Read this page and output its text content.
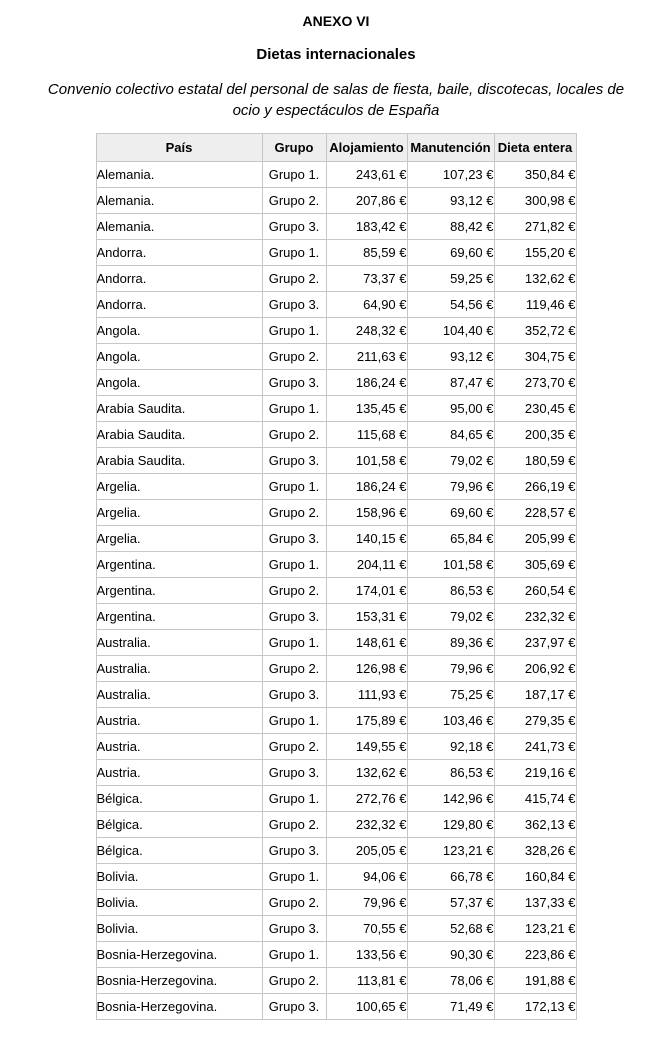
ANEXO VI
Dietas internacionales

Convenio colectivo estatal del personal de salas de fiesta, baile, discotecas, locales de ocio y espectáculos de España

País	Grupo	Alojamiento	Manutención	Dieta entera
Alemania.	Grupo 1.	243,61 €	107,23 €	350,84 €
Alemania.	Grupo 2.	207,86 €	93,12 €	300,98 €
Alemania.	Grupo 3.	183,42 €	88,42 €	271,82 €
Andorra.	Grupo 1.	85,59 €	69,60 €	155,20 €
Andorra.	Grupo 2.	73,37 €	59,25 €	132,62 €
Andorra.	Grupo 3.	64,90 €	54,56 €	119,46 €
Angola.	Grupo 1.	248,32 €	104,40 €	352,72 €
Angola.	Grupo 2.	211,63 €	93,12 €	304,75 €
Angola.	Grupo 3.	186,24 €	87,47 €	273,70 €
Arabia Saudita.	Grupo 1.	135,45 €	95,00 €	230,45 €
Arabia Saudita.	Grupo 2.	115,68 €	84,65 €	200,35 €
Arabia Saudita.	Grupo 3.	101,58 €	79,02 €	180,59 €
Argelia.	Grupo 1.	186,24 €	79,96 €	266,19 €
Argelia.	Grupo 2.	158,96 €	69,60 €	228,57 €
Argelia.	Grupo 3.	140,15 €	65,84 €	205,99 €
Argentina.	Grupo 1.	204,11 €	101,58 €	305,69 €
Argentina.	Grupo 2.	174,01 €	86,53 €	260,54 €
Argentina.	Grupo 3.	153,31 €	79,02 €	232,32 €
Australia.	Grupo 1.	148,61 €	89,36 €	237,97 €
Australia.	Grupo 2.	126,98 €	79,96 €	206,92 €
Australia.	Grupo 3.	111,93 €	75,25 €	187,17 €
Austria.	Grupo 1.	175,89 €	103,46 €	279,35 €
Austria.	Grupo 2.	149,55 €	92,18 €	241,73 €
Austria.	Grupo 3.	132,62 €	86,53 €	219,16 €
Bélgica.	Grupo 1.	272,76 €	142,96 €	415,74 €
Bélgica.	Grupo 2.	232,32 €	129,80 €	362,13 €
Bélgica.	Grupo 3.	205,05 €	123,21 €	328,26 €
Bolivia.	Grupo 1.	94,06 €	66,78 €	160,84 €
Bolivia.	Grupo 2.	79,96 €	57,37 €	137,33 €
Bolivia.	Grupo 3.	70,55 €	52,68 €	123,21 €
Bosnia-Herzegovina.	Grupo 1.	133,56 €	90,30 €	223,86 €
Bosnia-Herzegovina.	Grupo 2.	113,81 €	78,06 €	191,88 €
Bosnia-Herzegovina.	Grupo 3.	100,65 €	71,49 €	172,13 €
